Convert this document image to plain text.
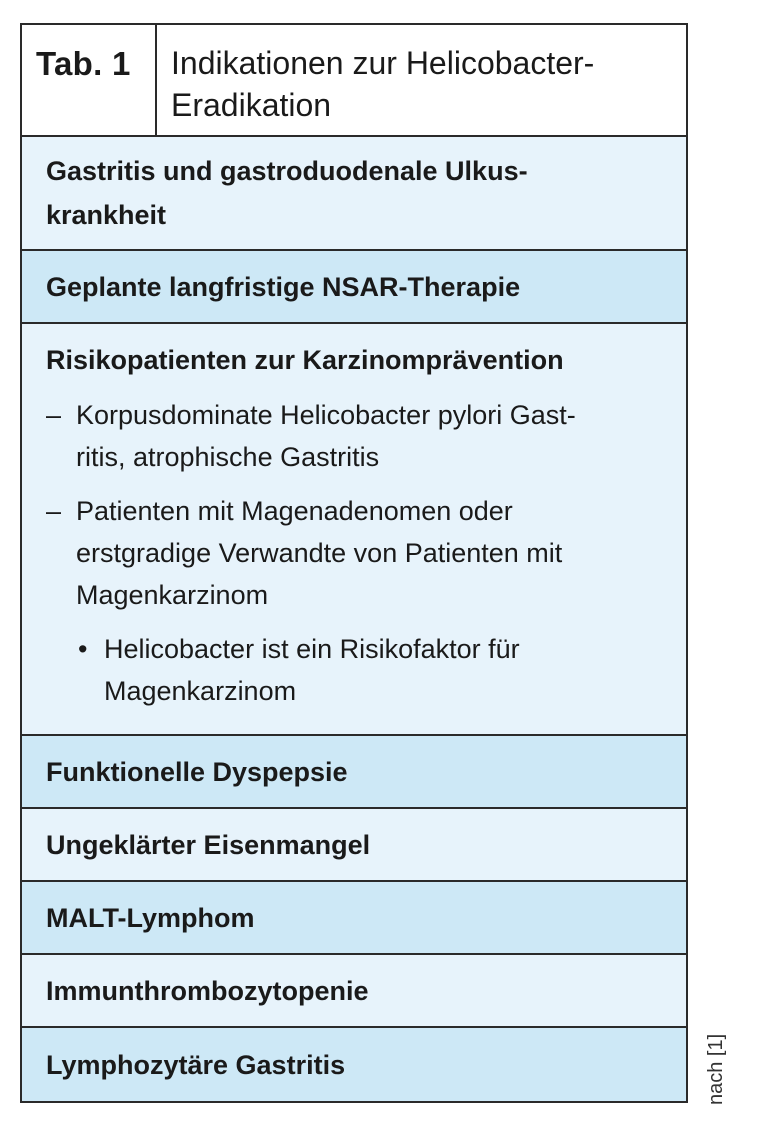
Tab. 1	Indikationen zur Helicobacter-
Eradikation
Gastritis und gastroduodenale Ulkus-
krankheit
Geplante langfristige NSAR-Therapie
Risikopatienten zur Karzinomprävention
– Korpusdominate Helicobacter pylori Gast-
ritis, atrophische Gastritis
– Patienten mit Magenadenomen oder
erstgradige Verwandte von Patienten mit
Magenkarzinom
• Helicobacter ist ein Risikofaktor für
Magenkarzinom
Funktionelle Dyspepsie
Ungeklärter Eisenmangel
MALT-Lymphom
Immunthrombozytopenie
Lymphozytäre Gastritis	nach [1]
